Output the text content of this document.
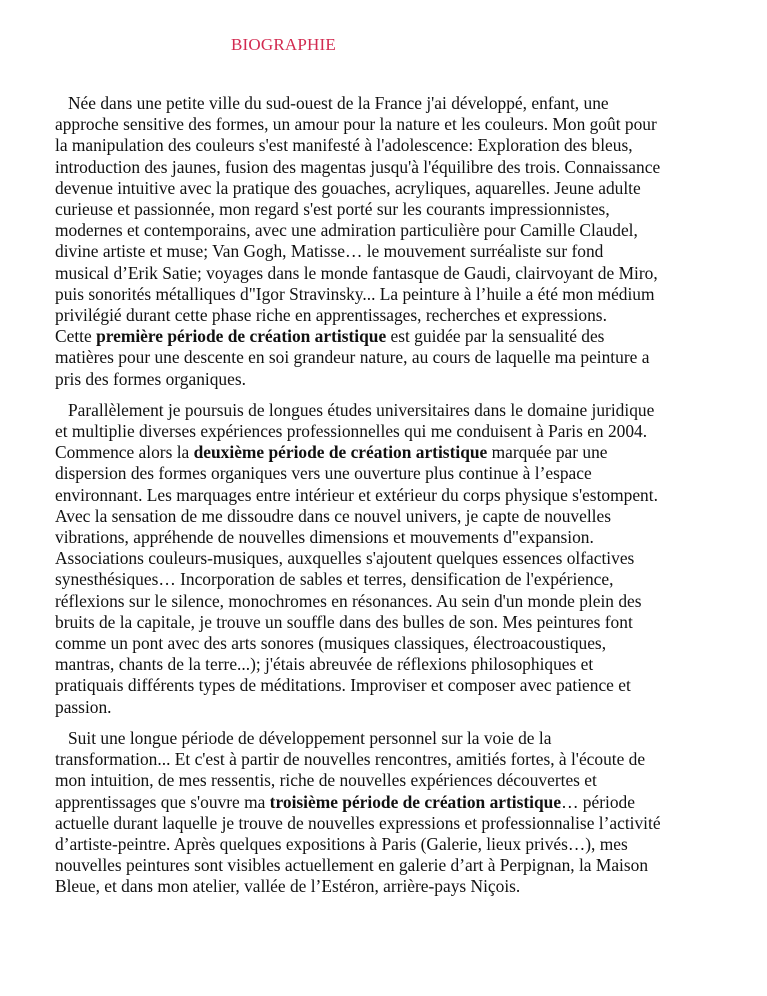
BIOGRAPHIE

Née dans une petite ville du sud-ouest de la France j'ai développé, enfant, une
approche sensitive des formes, un amour pour la nature et les couleurs. Mon goût pour
la manipulation des couleurs s'est manifesté à l'adolescence: Exploration des bleus,
introduction des jaunes, fusion des magentas jusqu'à l'équilibre des trois. Connaissance
devenue intuitive avec la pratique des gouaches, acryliques, aquarelles. Jeune adulte
curieuse et passionnée, mon regard s'est porté sur les courants impressionnistes,
modernes et contemporains, avec une admiration particulière pour Camille Claudel,
divine artiste et muse; Van Gogh, Matisse… le mouvement surréaliste sur fond
musical d’Erik Satie; voyages dans le monde fantasque de Gaudi, clairvoyant de Miro,
puis sonorités métalliques d"Igor Stravinsky... La peinture à l’huile a été mon médium
privilégié durant cette phase riche en apprentissages, recherches et expressions.
Cette première période de création artistique est guidée par la sensualité des
matières pour une descente en soi grandeur nature, au cours de laquelle ma peinture a
pris des formes organiques.

Parallèlement je poursuis de longues études universitaires dans le domaine juridique
et multiplie diverses expériences professionnelles qui me conduisent à Paris en 2004.
Commence alors la deuxième période de création artistique marquée par une
dispersion des formes organiques vers une ouverture plus continue à l’espace
environnant. Les marquages entre intérieur et extérieur du corps physique s'estompent.
Avec la sensation de me dissoudre dans ce nouvel univers, je capte de nouvelles
vibrations, appréhende de nouvelles dimensions et mouvements d"expansion.
Associations couleurs-musiques, auxquelles s'ajoutent quelques essences olfactives
synesthésiques… Incorporation de sables et terres, densification de l'expérience,
réflexions sur le silence, monochromes en résonances. Au sein d'un monde plein des
bruits de la capitale, je trouve un souffle dans des bulles de son. Mes peintures font
comme un pont avec des arts sonores (musiques classiques, électroacoustiques,
mantras, chants de la terre...); j'étais abreuvée de réflexions philosophiques et
pratiquais différents types de méditations. Improviser et composer avec patience et
passion.

Suit une longue période de développement personnel sur la voie de la
transformation... Et c'est à partir de nouvelles rencontres, amitiés fortes, à l'écoute de
mon intuition, de mes ressentis, riche de nouvelles expériences découvertes et
apprentissages que s'ouvre ma troisième période de création artistique… période
actuelle durant laquelle je trouve de nouvelles expressions et professionnalise l’activité
d’artiste-peintre. Après quelques expositions à Paris (Galerie, lieux privés…), mes
nouvelles peintures sont visibles actuellement en galerie d’art à Perpignan, la Maison
Bleue, et dans mon atelier, vallée de l’Estéron, arrière-pays Niçois.
